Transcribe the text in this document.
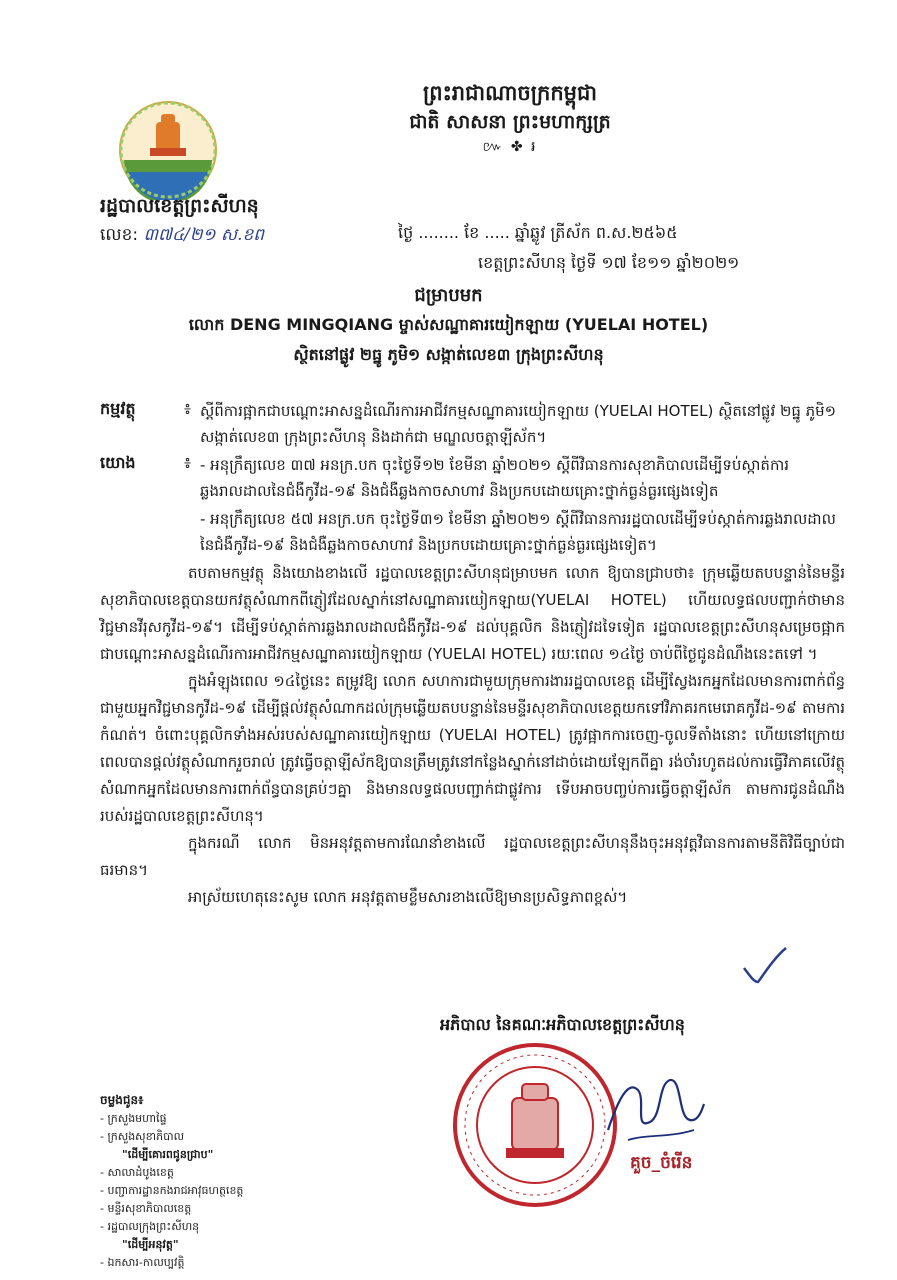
ព្រះរាជាណាចក្រកម្ពុជា
ជាតិ សាសនា ព្រះមហាក្សត្រ
៚ ✤ ៛
រដ្ឋបាលខេត្តព្រះសីហនុ
លេខ: ៣៧៤/២១ ស.ខព	ថ្ងៃ ........ ខែ ..... ឆ្នាំឆ្លូវ ត្រីស័ក ព.ស.២៥៦៥
ខេត្តព្រះសីហនុ ថ្ងៃទី ១៧ ខែ១១ ឆ្នាំ២០២១
ជម្រាបមក
លោក DENG MINGQIANG ម្ចាស់សណ្ឋាគារយៀកឡាយ (YUELAI HOTEL)
ស្ថិតនៅផ្លូវ ២ធ្នូ ភូមិ១ សង្កាត់លេខ៣ ក្រុងព្រះសីហនុ
កម្មវត្ថុ	៖ ស្តីពីការផ្អាកជាបណ្តោះអាសន្នដំណើរការអាជីវកម្មសណ្ឋាគារយៀកឡាយ (YUELAI HOTEL) ស្ថិតនៅផ្លូវ ២ធ្នូ ភូមិ១ សង្កាត់លេខ៣ ក្រុងព្រះសីហនុ និងដាក់ជា មណ្ឌលចត្តាឡីស័ក។
យោង	៖ - អនុក្រឹត្យលេខ ៣៧ អនក្រ.បក ចុះថ្ងៃទី១២ ខែមីនា ឆ្នាំ២០២១ ស្តីពីវិធានការសុខាភិបាលដើម្បីទប់ស្កាត់ការឆ្លងរាលដាលនៃជំងឺកូវីដ-១៩ និងជំងឺឆ្លងកាចសាហាវ និងប្រកបដោយគ្រោះថ្នាក់ធ្ងន់ធ្ងរផ្សេងទៀត

- អនុក្រឹត្យលេខ ៥៧ អនក្រ.បក ចុះថ្ងៃទី៣១ ខែមីនា ឆ្នាំ២០២១ ស្តីពីវិធានការរដ្ឋបាលដើម្បីទប់ស្កាត់ការឆ្លងរាលដាលនៃជំងឺកូវីដ-១៩ និងជំងឺឆ្លងកាចសាហាវ និងប្រកបដោយគ្រោះថ្នាក់ធ្ងន់ធ្ងរផ្សេងទៀត។

តបតាមកម្មវត្ថុ និងយោងខាងលើ រដ្ឋបាលខេត្តព្រះសីហនុជម្រាបមក លោក ឱ្យបានជ្រាបថា៖ ក្រុមឆ្លើយតបបន្ទាន់នៃមន្ទីរសុខាភិបាលខេត្តបានយកវត្ថុសំណាកពីភ្ញៀវដែលស្នាក់នៅសណ្ឋាគារយៀកឡាយ(YUELAI HOTEL) ហើយលទ្ធផលបញ្ជាក់ថាមាន វិជ្ជមានវីរុសកូវីដ-១៩។ ដើម្បីទប់ស្កាត់ការឆ្លងរាលដាលជំងឺកូវីដ-១៩ ដល់បុគ្គលិក និងភ្ញៀវដទៃទៀត រដ្ឋបាលខេត្តព្រះសីហនុសម្រេចផ្អាកជាបណ្តោះអាសន្នដំណើរការអាជីវកម្មសណ្ឋាគារយៀកឡាយ (YUELAI HOTEL) រយៈពេល ១៤ថ្ងៃ ចាប់ពីថ្ងៃជូនដំណឹងនេះតទៅ ។

ក្នុងអំឡុងពេល ១៤ថ្ងៃនេះ តម្រូវឱ្យ លោក សហការជាមួយក្រុមការងាររដ្ឋបាលខេត្ត ដើម្បីស្វែងរកអ្នកដែលមានការពាក់ព័ន្ធជាមួយអ្នកវិជ្ជមានកូវីដ-១៩ ដើម្បីផ្តល់វត្ថុសំណាកដល់ក្រុមឆ្លើយតបបន្ទាន់នៃមន្ទីរសុខាភិបាលខេត្តយកទៅវិភាគរកមេរោគកូវីដ-១៩ តាមការកំណត់។ ចំពោះបុគ្គលិកទាំងអស់របស់សណ្ឋាគារយៀកឡាយ (YUELAI HOTEL) ត្រូវផ្អាកការចេញ-ចូលទីតាំងនោះ ហើយនៅក្រោយពេលបានផ្តល់វត្ថុសំណាករួចរាល់ ត្រូវធ្វើចត្តាឡីស័កឱ្យបានត្រឹមត្រូវនៅកន្លែងស្នាក់នៅដាច់ដោយឡែកពីគ្នា រង់ចាំរហូតដល់ការធ្វើវិភាគលើវត្ថុសំណាកអ្នកដែលមានការពាក់ព័ន្ធបានគ្រប់ៗគ្នា និងមានលទ្ធផលបញ្ជាក់ជាផ្លូវការ ទើបអាចបញ្ចប់ការធ្វើចត្តាឡីស័ក តាមការជូនដំណឹងរបស់រដ្ឋបាលខេត្តព្រះសីហនុ។

ក្នុងករណី លោក មិនអនុវត្តតាមការណែនាំខាងលើ រដ្ឋបាលខេត្តព្រះសីហនុនឹងចុះអនុវត្តវិធានការតាមនីតិវិធីច្បាប់ជាធរមាន។

អាស្រ័យហេតុនេះសូម លោក អនុវត្តតាមខ្លឹមសារខាងលើឱ្យមានប្រសិទ្ធភាពខ្ពស់។

អភិបាល នៃគណៈអភិបាលខេត្តព្រះសីហនុ
គួច_ចំរើន
ចម្លងជូន៖
- ក្រសួងមហាផ្ទៃ
- ក្រសួងសុខាភិបាល
"ដើម្បីគោរពជូនជ្រាប"
- សាលាដំបូងខេត្ត
- បញ្ជាការដ្ឋានកងរាជអាវុធហត្ថខេត្ត
- មន្ទីរសុខាភិបាលខេត្ត
- រដ្ឋបាលក្រុងព្រះសីហនុ
"ដើម្បីអនុវត្ត"
- ឯកសារ-កាលប្បវត្តិ
